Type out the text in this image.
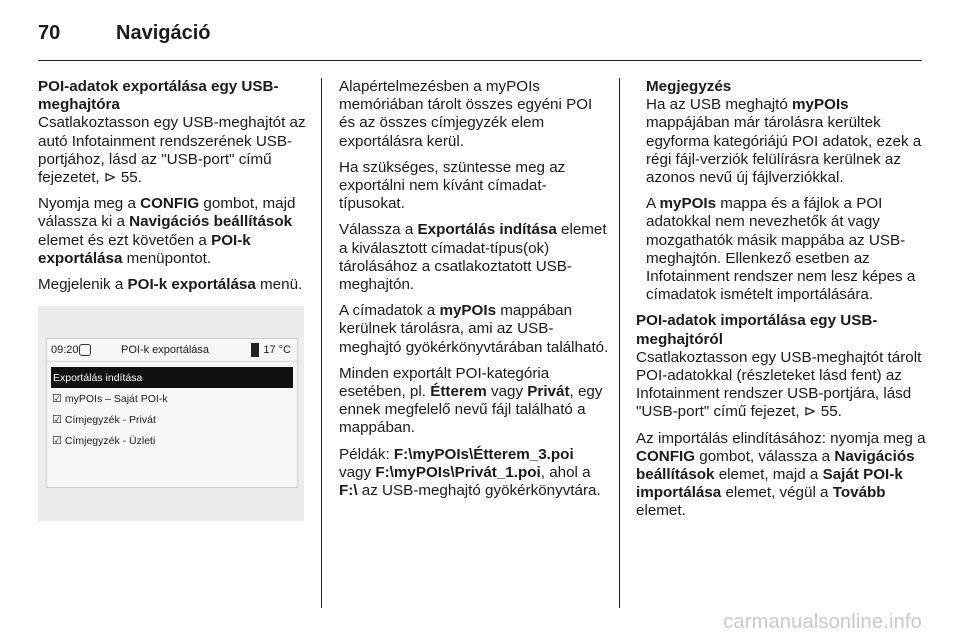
70	Navigáció

POI-adatok exportálása egy USB-meghajtóra

Csatlakoztasson egy USB-meghajtót az autó Infotainment rendszerének USB-portjához, lásd az "USB-port" című fejezetet, ⊳ 55.

Nyomja meg a CONFIG gombot, majd válassza ki a Navigációs beállítások elemet és ezt követően a POI-k exportálása menüpontot.

Megjelenik a POI-k exportálása menü.

09:20	POI-k exportálása	17 °C
Exportálás indítása
☑ myPOIs – Saját POI-k
☑ Címjegyzék - Privát
☑ Címjegyzék - Üzleti

Alapértelmezésben a myPOIs memóriában tárolt összes egyéni POI és az összes címjegyzék elem exportálásra kerül.

Ha szükséges, szüntesse meg az exportálni nem kívánt címadat-típusokat.

Válassza a Exportálás indítása elemet a kiválasztott címadat-típus(ok) tárolásához a csatlakoztatott USB-meghajtón.

A címadatok a myPOIs mappában kerülnek tárolásra, ami az USB-meghajtó gyökérkönyvtárában található.

Minden exportált POI-kategória esetében, pl. Étterem vagy Privát, egy ennek megfelelő nevű fájl található a mappában.

Példák: F:\myPOIs\Étterem_3.poi vagy F:\myPOIs\Privát_1.poi, ahol a F:\ az USB-meghajtó gyökérkönyvtára.

Megjegyzés

Ha az USB meghajtó myPOIs mappájában már tárolásra kerültek egyforma kategóriájú POI adatok, ezek a régi fájl-verziók felülírásra kerülnek az azonos nevű új fájlverziókkal.

A myPOIs mappa és a fájlok a POI adatokkal nem nevezhetők át vagy mozgathatók másik mappába az USB-meghajtón. Ellenkező esetben az Infotainment rendszer nem lesz képes a címadatok ismételt importálására.

POI-adatok importálása egy USB-meghajtóról

Csatlakoztasson egy USB-meghajtót tárolt POI-adatokkal (részleteket lásd fent) az Infotainment rendszer USB-portjára, lásd "USB-port" című fejezet, ⊳ 55.

Az importálás elindításához: nyomja meg a CONFIG gombot, válassza a Navigációs beállítások elemet, majd a Saját POI-k importálása elemet, végül a Tovább elemet.

carmanualsonline.info
